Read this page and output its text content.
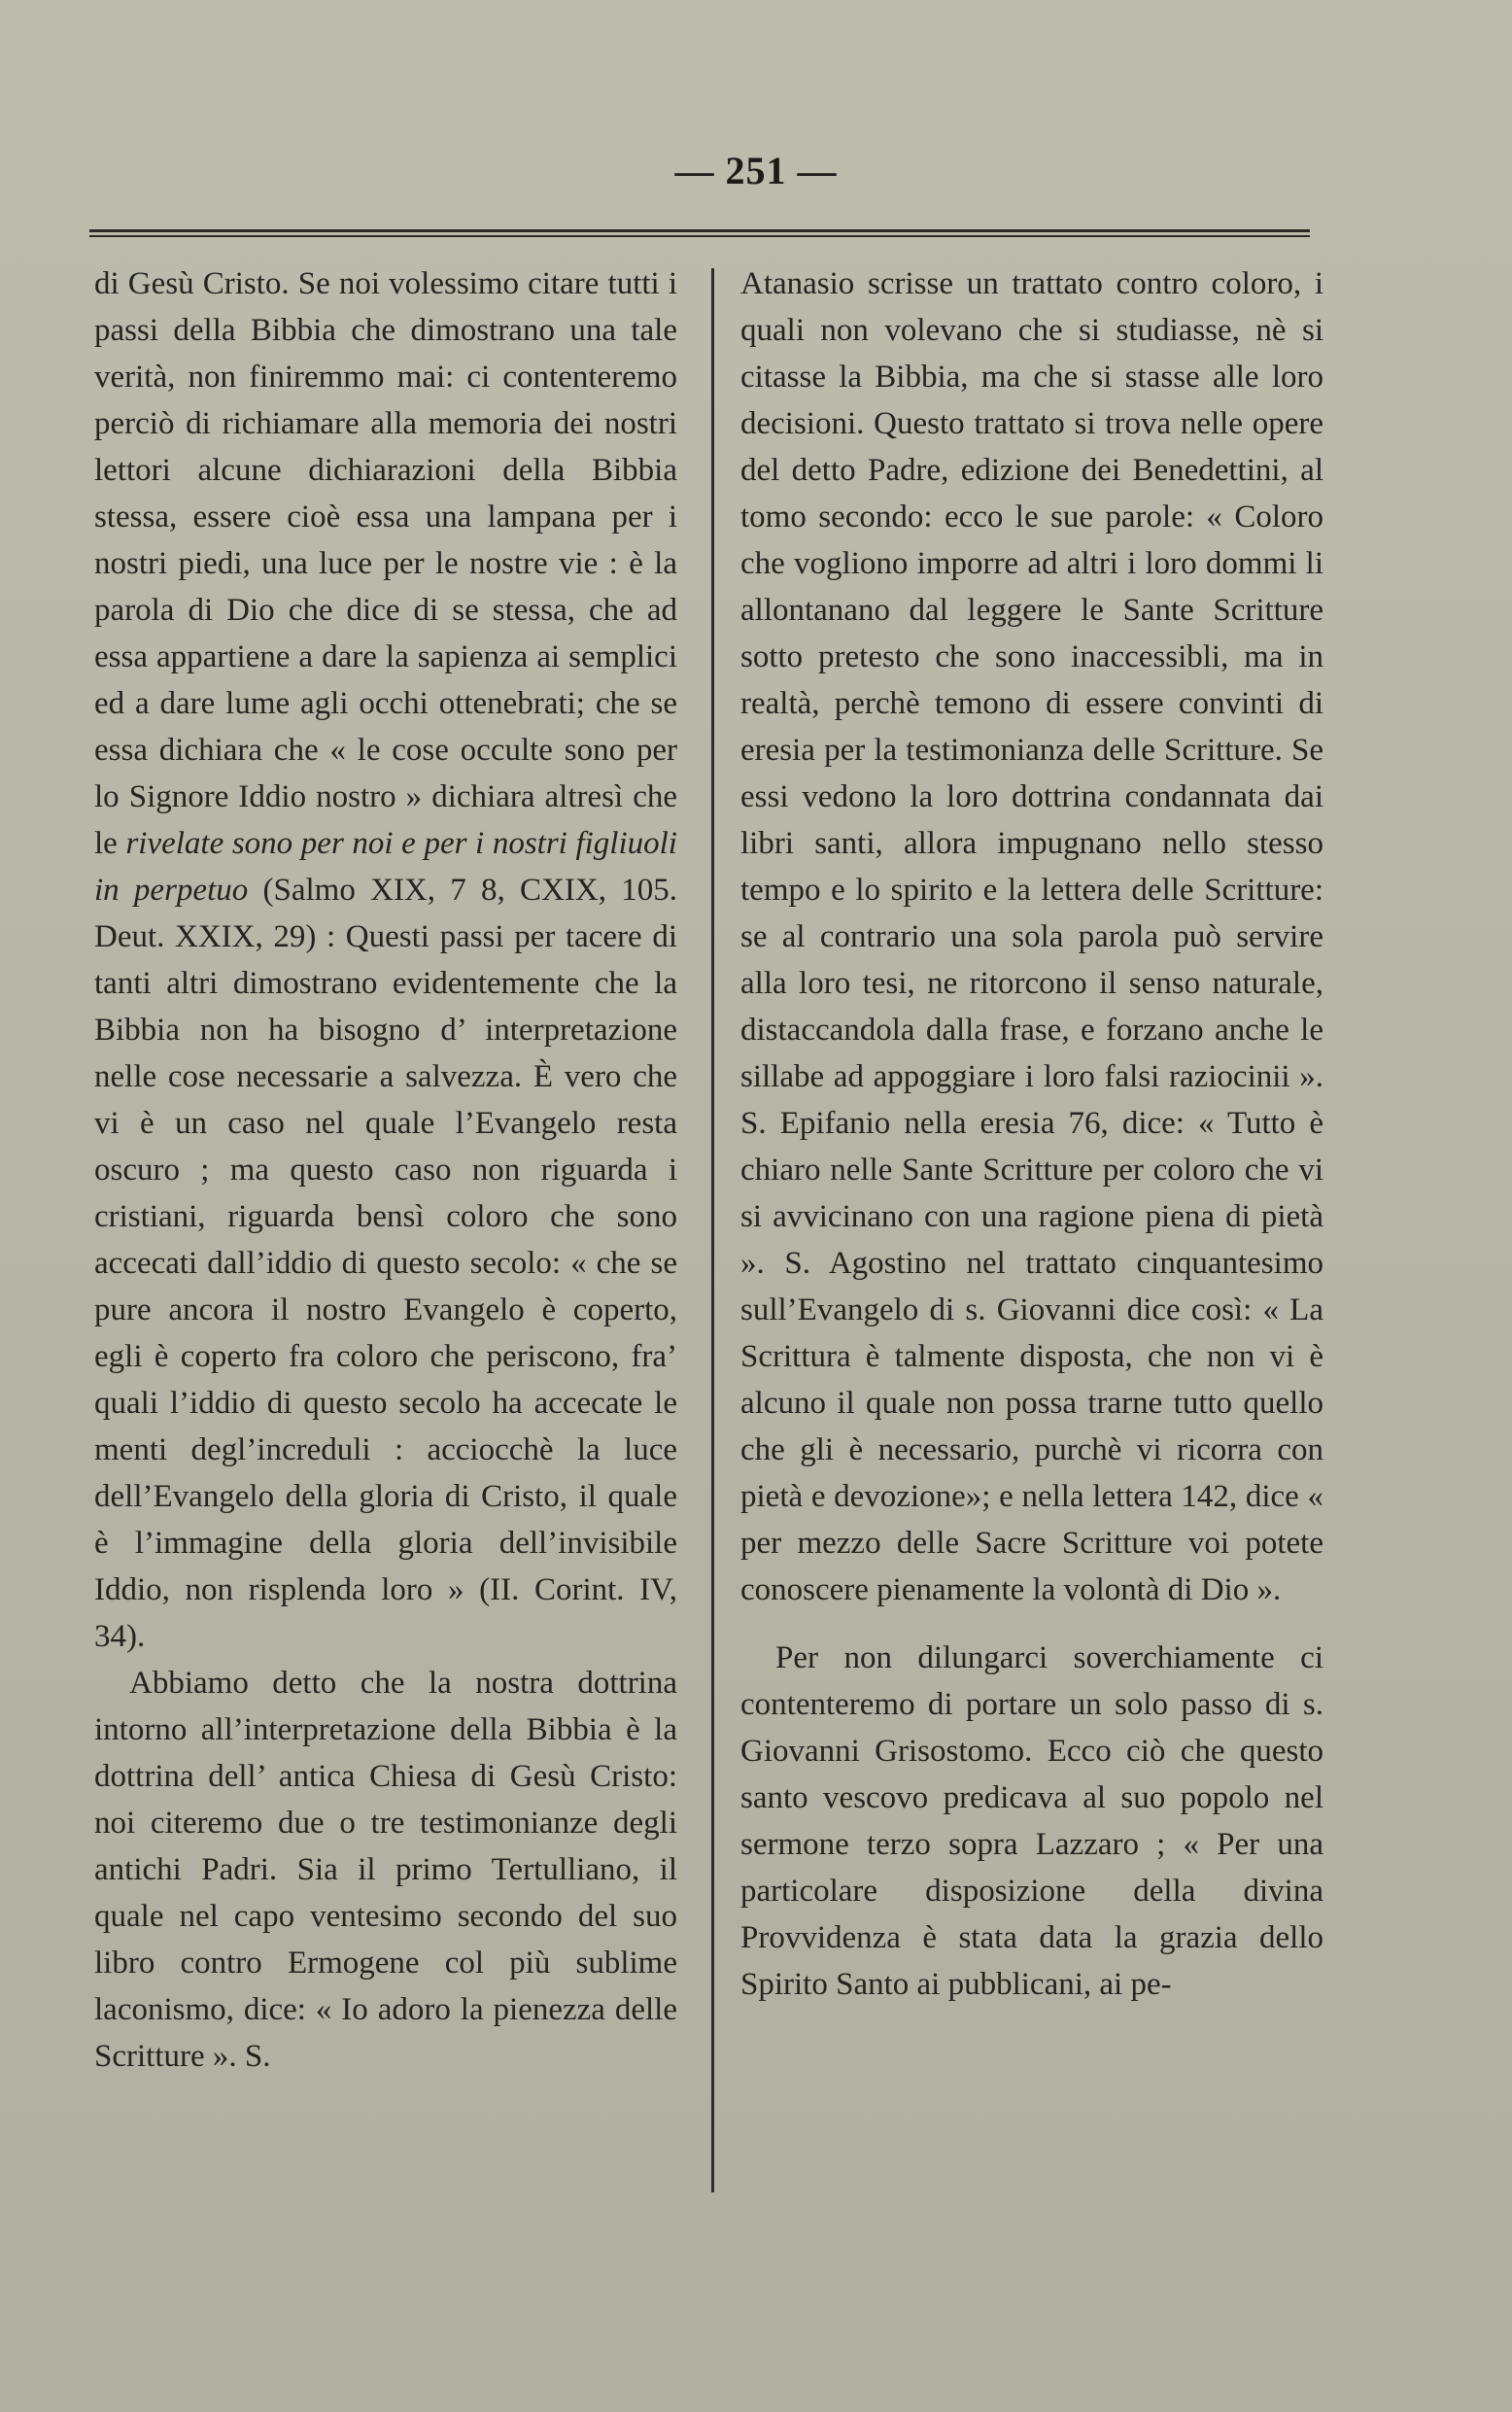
— 251 —

di Gesù Cristo. Se noi volessimo citare tutti i passi della Bibbia che dimostrano una tale verità, non finiremmo mai: ci contenteremo perciò di richiamare alla memoria dei nostri lettori alcune dichiarazioni della Bibbia stessa, essere cioè essa una lampana per i nostri piedi, una luce per le nostre vie : è la parola di Dio che dice di se stessa, che ad essa appartiene a dare la sapienza ai semplici ed a dare lume agli occhi ottenebrati; che se essa dichiara che « le cose occulte sono per lo Signore Iddio nostro » dichiara altresì che le rivelate sono per noi e per i nostri figliuoli in perpetuo (Salmo XIX, 7 8, CXIX, 105. Deut. XXIX, 29) : Questi passi per tacere di tanti altri dimostrano evidentemente che la Bibbia non ha bisogno d’ interpretazione nelle cose necessarie a salvezza. È vero che vi è un caso nel quale l’Evangelo resta oscuro ; ma questo caso non riguarda i cristiani, riguarda bensì coloro che sono accecati dall’iddio di questo secolo: « che se pure ancora il nostro Evangelo è coperto, egli è coperto fra coloro che periscono, fra’ quali l’iddio di questo secolo ha accecate le menti degl’increduli : acciocchè la luce dell’Evangelo della gloria di Cristo, il quale è l’immagine della gloria dell’invisibile Iddio, non risplenda loro » (II. Corint. IV, 34).

Abbiamo detto che la nostra dottrina intorno all’interpretazione della Bibbia è la dottrina dell’ antica Chiesa di Gesù Cristo: noi citeremo due o tre testimonianze degli antichi Padri. Sia il primo Tertulliano, il quale nel capo ventesimo secondo del suo libro contro Ermogene col più sublime laconismo, dice: « Io adoro la pienezza delle Scritture ». S.

Atanasio scrisse un trattato contro coloro, i quali non volevano che si studiasse, nè si citasse la Bibbia, ma che si stasse alle loro decisioni. Questo trattato si trova nelle opere del detto Padre, edizione dei Benedettini, al tomo secondo: ecco le sue parole: « Coloro che vogliono imporre ad altri i loro dommi li allontanano dal leggere le Sante Scritture sotto pretesto che sono inaccessibli, ma in realtà, perchè temono di essere convinti di eresia per la testimonianza delle Scritture. Se essi vedono la loro dottrina condannata dai libri santi, allora impugnano nello stesso tempo e lo spirito e la lettera delle Scritture: se al contrario una sola parola può servire alla loro tesi, ne ritorcono il senso naturale, distaccandola dalla frase, e forzano anche le sillabe ad appoggiare i loro falsi raziocinii ». S. Epifanio nella eresia 76, dice: « Tutto è chiaro nelle Sante Scritture per coloro che vi si avvicinano con una ragione piena di pietà ». S. Agostino nel trattato cinquantesimo sull’Evangelo di s. Giovanni dice così: « La Scrittura è talmente disposta, che non vi è alcuno il quale non possa trarne tutto quello che gli è necessario, purchè vi ricorra con pietà e devozione»; e nella lettera 142, dice « per mezzo delle Sacre Scritture voi potete conoscere pienamente la volontà di Dio ».

Per non dilungarci soverchiamente ci contenteremo di portare un solo passo di s. Giovanni Grisostomo. Ecco ciò che questo santo vescovo predicava al suo popolo nel sermone terzo sopra Lazzaro ; « Per una particolare disposizione della divina Provvidenza è stata data la grazia dello Spirito Santo ai pubblicani, ai pe-
